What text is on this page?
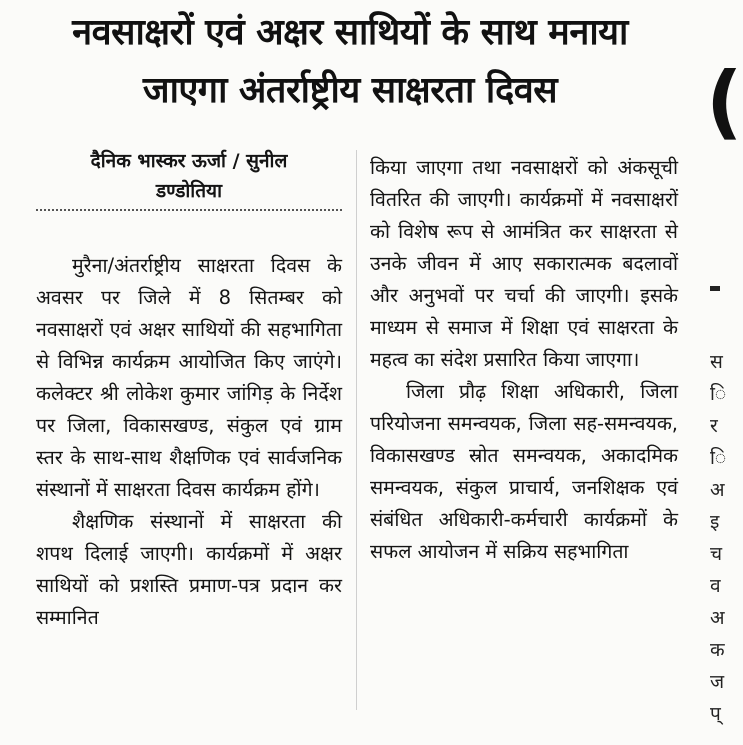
नवसाक्षरों एवं अक्षर साथियों के साथ मनाया
जाएगा अंतर्राष्ट्रीय साक्षरता दिवस
दैनिक भास्कर ऊर्जा / सुनील
डण्डोतिया

मुरैना/अंतर्राष्ट्रीय साक्षरता दिवस के अवसर पर जिले में 8 सितम्बर को नवसाक्षरों एवं अक्षर साथियों की सहभागिता से विभिन्न कार्यक्रम आयोजित किए जाएंगे। कलेक्टर श्री लोकेश कुमार जांगिड़ के निर्देश पर जिला, विकासखण्ड, संकुल एवं ग्राम स्तर के साथ-साथ शैक्षणिक एवं सार्वजनिक संस्थानों में साक्षरता दिवस कार्यक्रम होंगे।

शैक्षणिक संस्थानों में साक्षरता की शपथ दिलाई जाएगी। कार्यक्रमों में अक्षर साथियों को प्रशस्ति प्रमाण-पत्र प्रदान कर सम्मानित

किया जाएगा तथा नवसाक्षरों को अंकसूची वितरित की जाएगी। कार्यक्रमों में नवसाक्षरों को विशेष रूप से आमंत्रित कर साक्षरता से उनके जीवन में आए सकारात्मक बदलावों और अनुभवों पर चर्चा की जाएगी। इसके माध्यम से समाज में शिक्षा एवं साक्षरता के महत्व का संदेश प्रसारित किया जाएगा।

जिला प्रौढ़ शिक्षा अधिकारी, जिला परियोजना समन्वयक, जिला सह-समन्वयक, विकासखण्ड स्रोत समन्वयक, अकादमिक समन्वयक, संकुल प्राचार्य, जनशिक्षक एवं संबंधित अधिकारी-कर्मचारी कार्यक्रमों के सफल आयोजन में सक्रिय सहभागिता

(
स
ि
र
ि
अ
इ
च
व
अ
क
ज
प्
